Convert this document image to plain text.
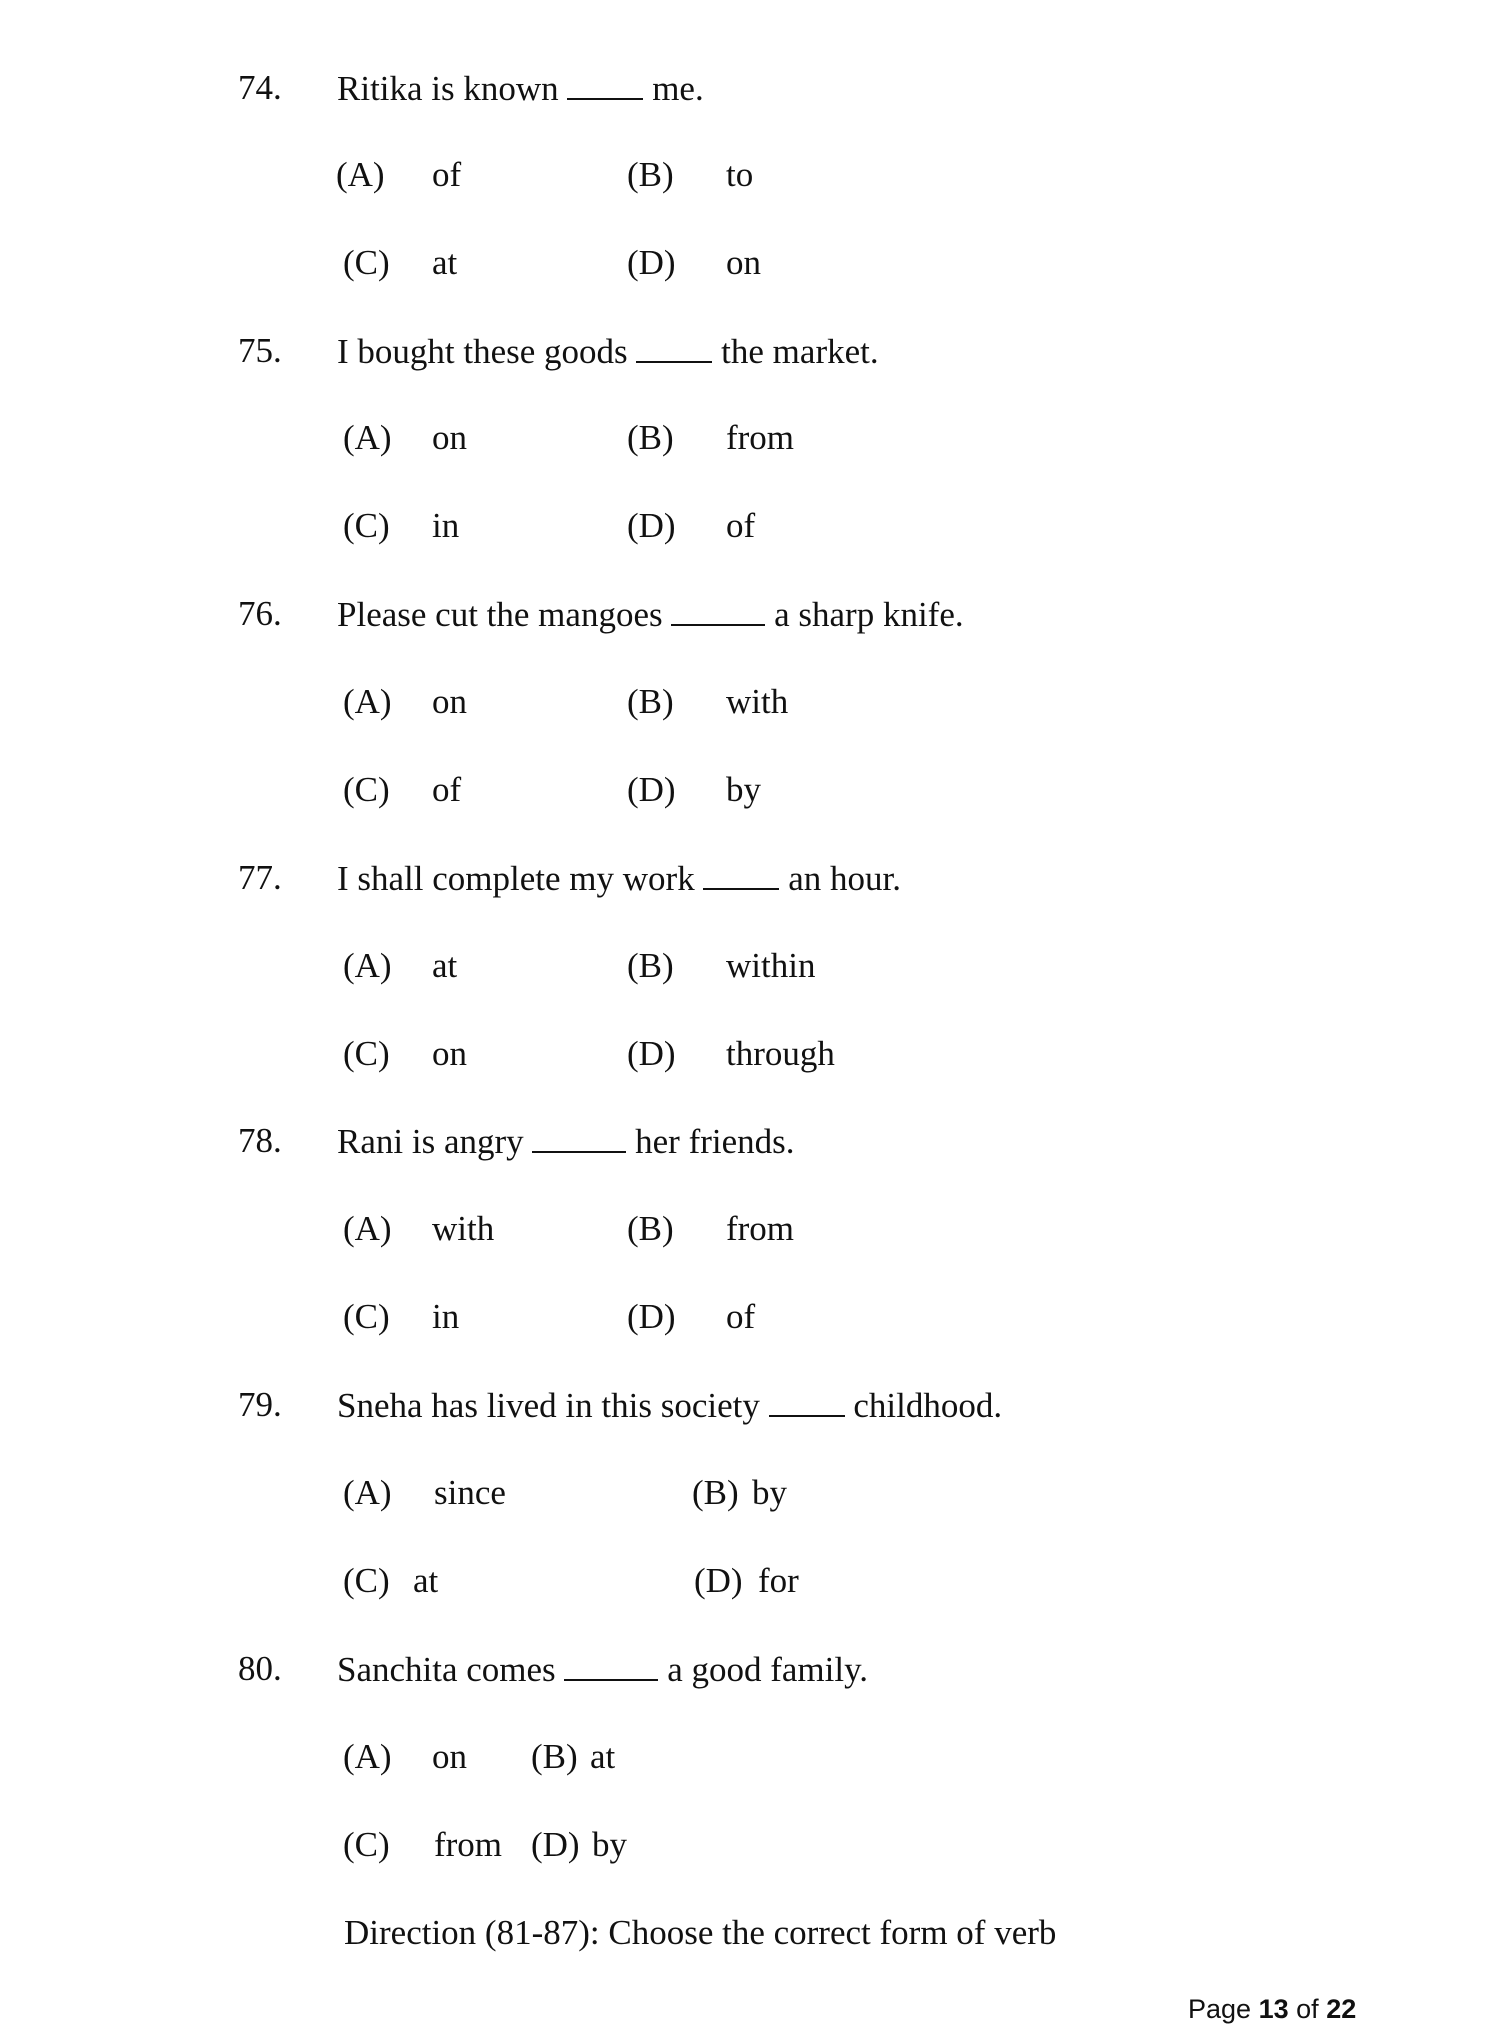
74. Ritika is known	me.
(A) of	(B) to
(C) at	(D) on
75. I bought these goods	the market.
(A) on	(B) from
(C) in	(D) of
76. Please cut the mangoes	a sharp knife.
(A) on	(B) with
(C) of	(D) by
77. I shall complete my work	an hour.
(A) at	(B) within
(C) on	(D) through
78. Rani is angry	her friends.
(A) with	(B) from
(C) in	(D) of
79. Sneha has lived in this society	childhood.
(A) since	(B) by
(C) at	(D) for
80. Sanchita comes	a good family.
(A) on (B) at
(C) from (D) by
Direction (81-87): Choose the correct form of verb
Page 13 of 22
